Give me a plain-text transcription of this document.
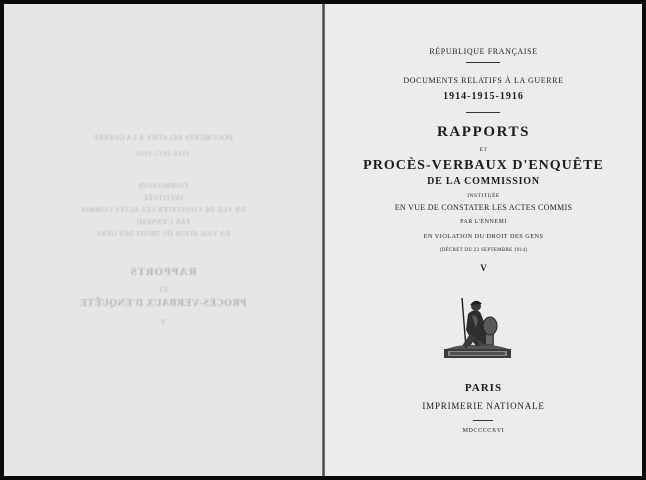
DOCUMENTS RELATIFS À LA GUERRE
1914-1915-1916
COMMISSION
INSTITUÉE
EN VUE DE CONSTATER LES ACTES COMMIS
PAR L'ENNEMI
EN VIOLATION DU DROIT DES GENS
RAPPORTS
ET
PROCÈS-VERBAUX D'ENQUÊTE
V
RÉPUBLIQUE FRANÇAISE
DOCUMENTS RELATIFS À LA GUERRE
1914-1915-1916
RAPPORTS
ET
PROCÈS-VERBAUX D'ENQUÊTE
DE LA COMMISSION
INSTITUÉE
EN VUE DE CONSTATER LES ACTES COMMIS
PAR L'ENNEMI
EN VIOLATION DU DROIT DES GENS
(DÉCRET DU 23 SEPTEMBRE 1914)
V
PARIS
IMPRIMERIE NATIONALE
MDCCCCXVI
